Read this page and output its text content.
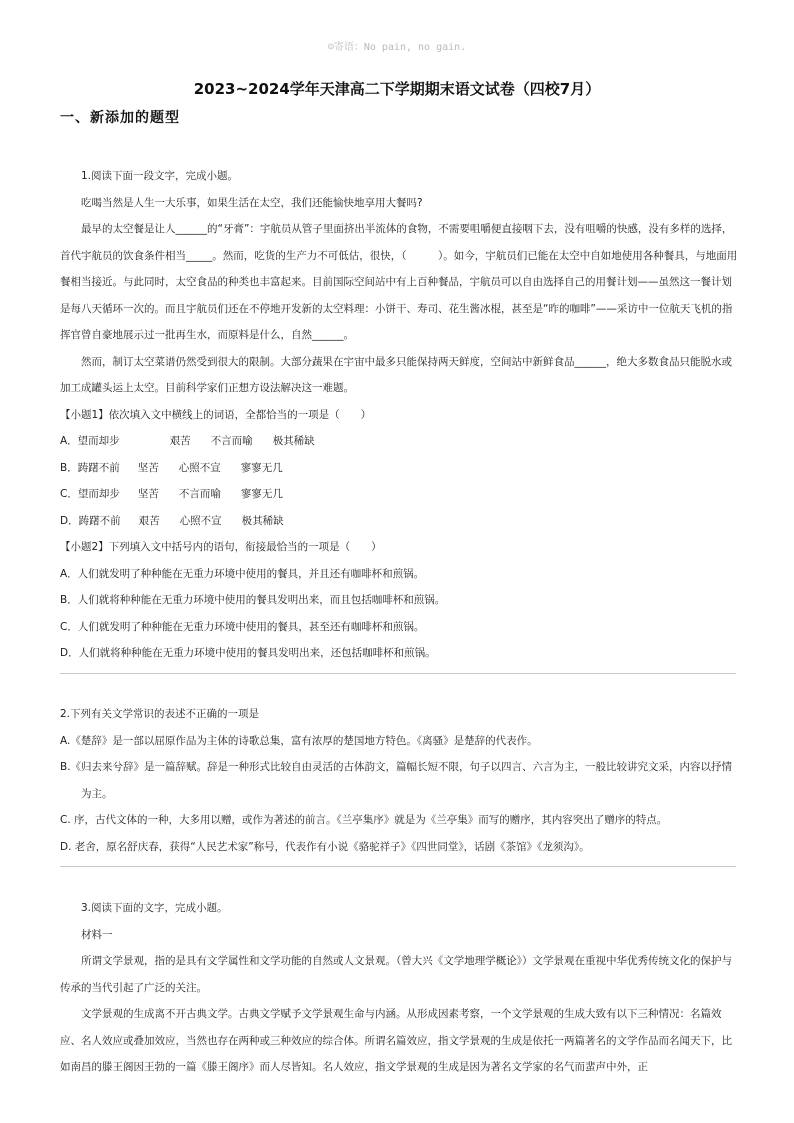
☺寄语：No pain, no gain.
2023~2024学年天津高二下学期期末语文试卷（四校7月）
一、新添加的题型

1.阅读下面一段文字，完成小题。

吃喝当然是人生一大乐事，如果生活在太空，我们还能愉快地享用大餐吗?

最早的太空餐是让人______的“牙膏”：宇航员从管子里面挤出半流体的食物，不需要咀嚼便直接咽下去，没有咀嚼的快感，没有多样的选择，首代宇航员的饮食条件相当_____。然而，吃货的生产力不可低估，很快，（　　　）。如今，宇航员们已能在太空中自如地使用各种餐具，与地面用餐相当接近。与此同时，太空食品的种类也丰富起来。目前国际空间站中有上百种餐品，宇航员可以自由选择自己的用餐计划——虽然这一餐计划是每八天循环一次的。而且宇航员们还在不停地开发新的太空料理：小饼干、寿司、花生酱冰棍，甚至是“昨的咖啡”——采访中一位航天飞机的指挥官曾自豪地展示过一批再生水，而原料是什么，自然______。

然而，制订太空菜谱仍然受到很大的限制。大部分蔬果在宇宙中最多只能保持两天鲜度，空间站中新鲜食品______，绝大多数食品只能脱水或加工成罐头运上太空。目前科学家们正想方设法解决这一难题。

【小题1】依次填入文中横线上的词语，全都恰当的一项是（　　）

A．望而却步	艰苦 不言而喻 极其稀缺
B．踌躇不前 坚苦 心照不宣 寥寥无几
C．望而却步 坚苦 不言而喻 寥寥无几
D．踌躇不前 艰苦 心照不宣 极其稀缺

【小题2】下列填入文中括号内的语句，衔接最恰当的一项是（　　）

A．人们就发明了种种能在无重力环境中使用的餐具，并且还有咖啡杯和煎锅。

B．人们就将种种能在无重力环境中使用的餐具发明出来，而且包括咖啡杯和煎锅。

C．人们就发明了种种能在无重力环境中使用的餐具，甚至还有咖啡杯和煎锅。

D．人们就将种种能在无重力环境中使用的餐具发明出来，还包括咖啡杯和煎锅。

2.下列有关文学常识的表述不正确的一项是

A.《楚辞》是一部以屈原作品为主体的诗歌总集，富有浓厚的楚国地方特色。《离骚》是楚辞的代表作。

B.《归去来兮辞》是一篇辞赋。辞是一种形式比较自由灵活的古体韵文，篇幅长短不限，句子以四言、六言为主，一般比较讲究文采，内容以抒情为主。

C. 序，古代文体的一种，大多用以赠，或作为著述的前言。《兰亭集序》就是为《兰亭集》而写的赠序，其内容突出了赠序的特点。

D. 老舍，原名舒庆春，获得“人民艺术家”称号，代表作有小说《骆驼祥子》《四世同堂》，话剧《茶馆》《龙须沟》。

3.阅读下面的文字，完成小题。

材料一

所谓文学景观，指的是具有文学属性和文学功能的自然或人文景观。（曾大兴《文学地理学概论》）文学景观在重视中华优秀传统文化的保护与传承的当代引起了广泛的关注。

文学景观的生成离不开古典文学。古典文学赋予文学景观生命与内涵。从形成因素考察，一个文学景观的生成大致有以下三种情况：名篇效应、名人效应或叠加效应，当然也存在两种或三种效应的综合体。所谓名篇效应，指文学景观的生成是依托一两篇著名的文学作品而名闻天下，比如南昌的滕王阁因王勃的一篇《滕王阁序》而人尽皆知。名人效应，指文学景观的生成是因为著名文学家的名气而蜚声中外，正
